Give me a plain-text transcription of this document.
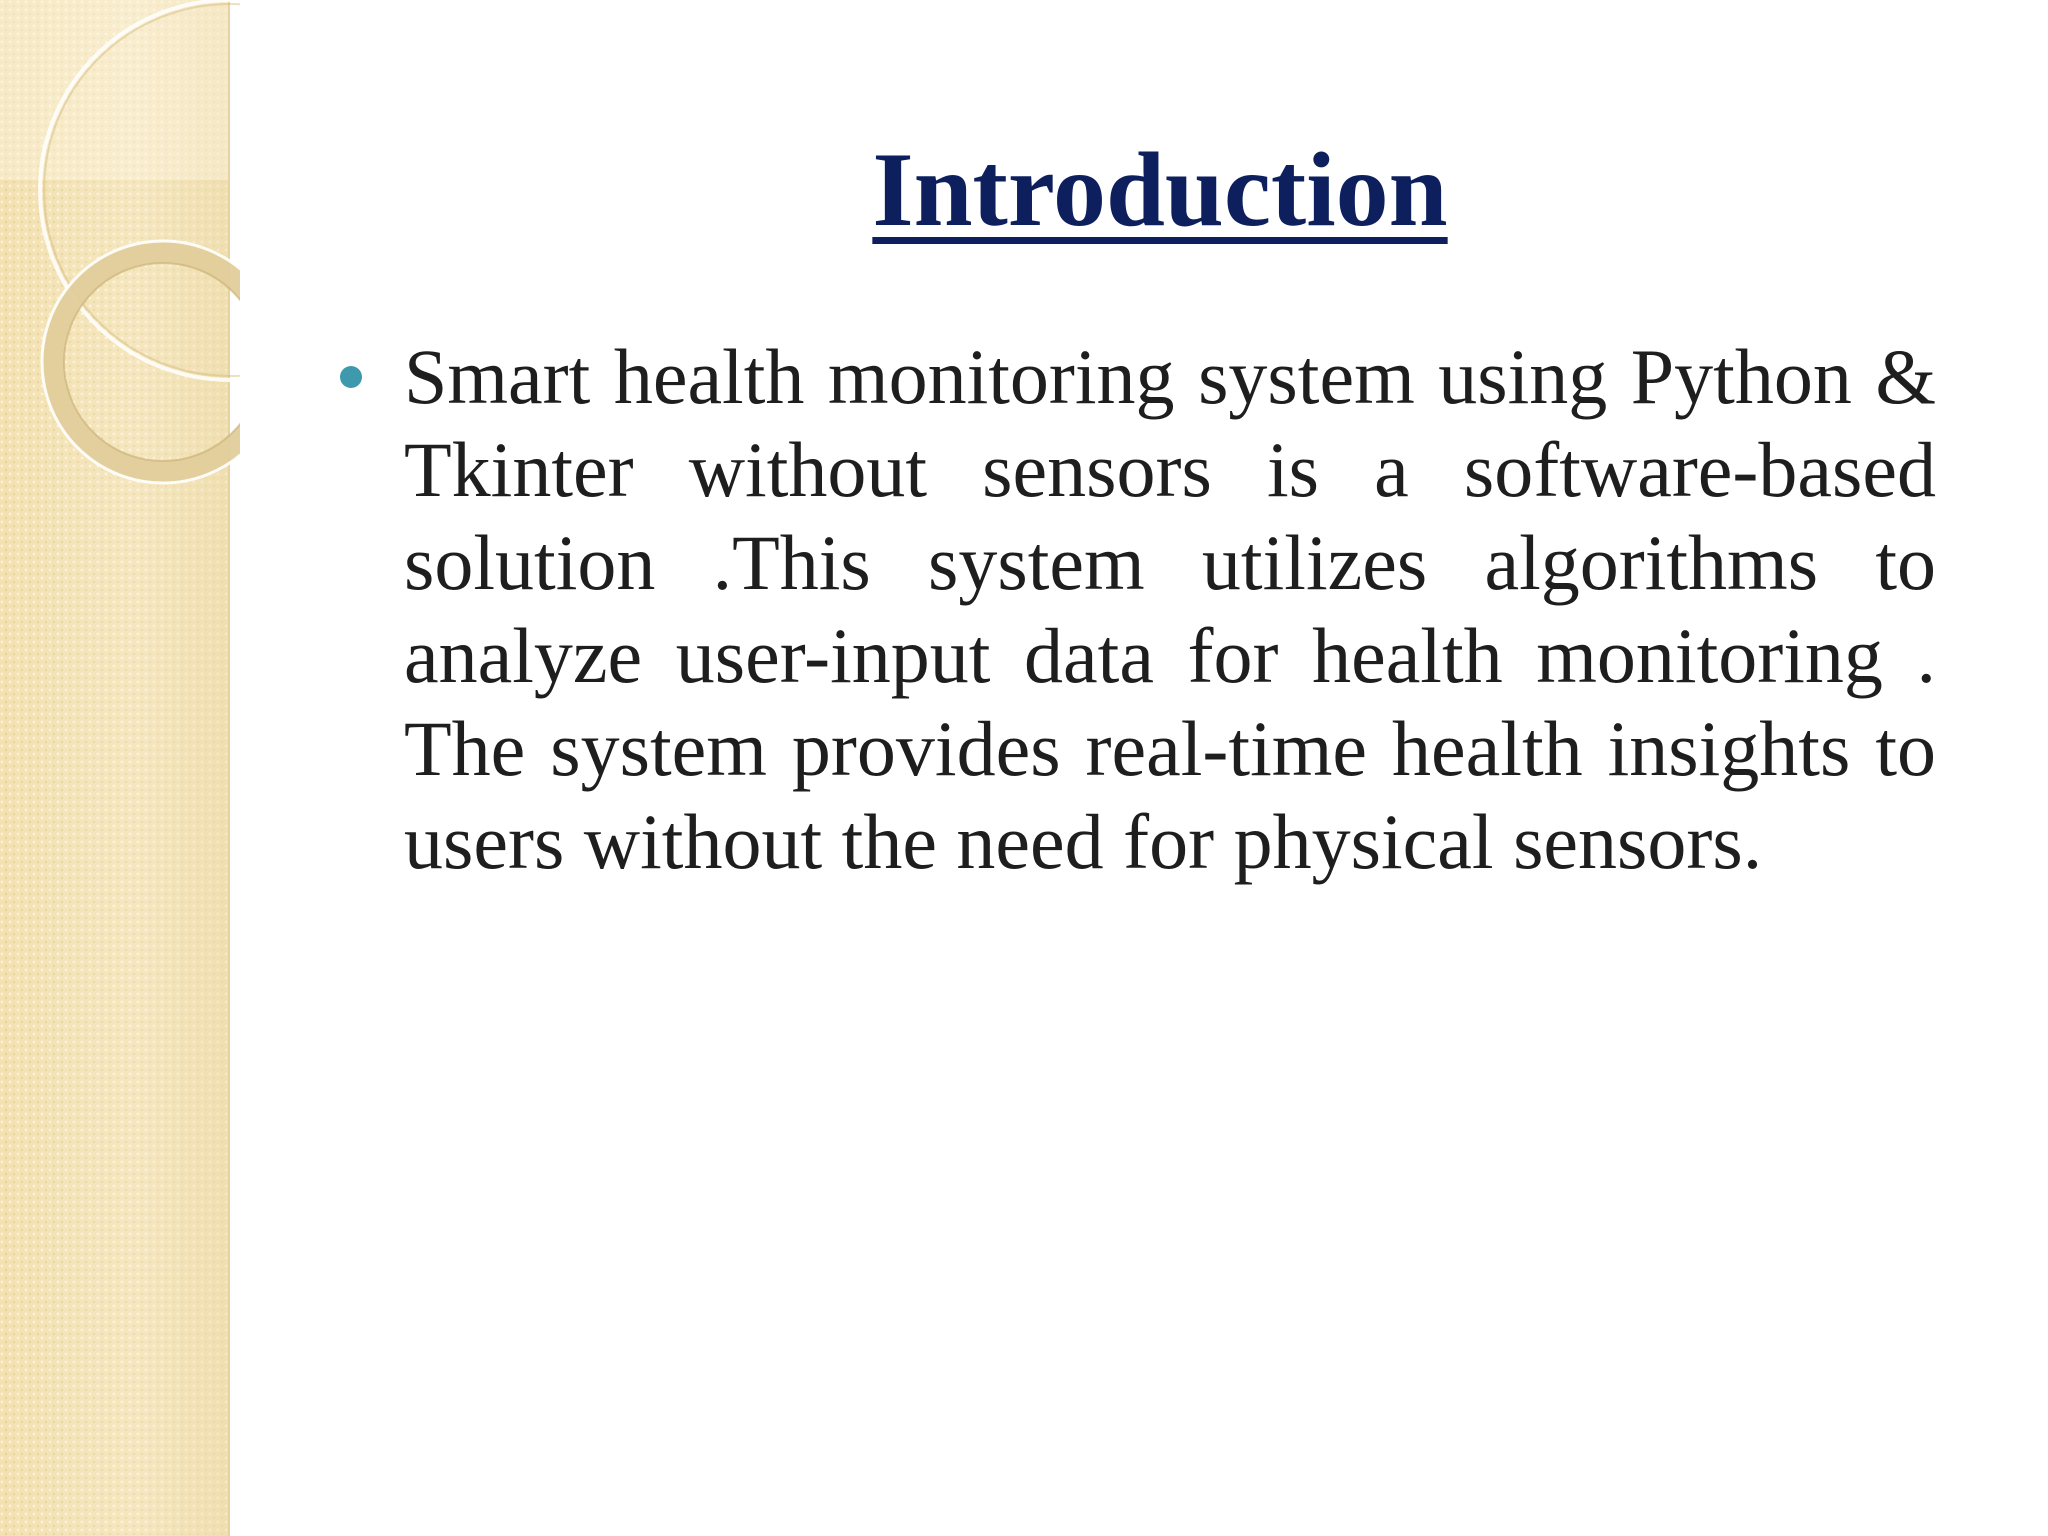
Introduction
Smart health monitoring system using Python & Tkinter without sensors is a software-based solution .This system utilizes algorithms to analyze user-input data for health monitoring . The system provides real-time health insights to users without the need for physical sensors.
